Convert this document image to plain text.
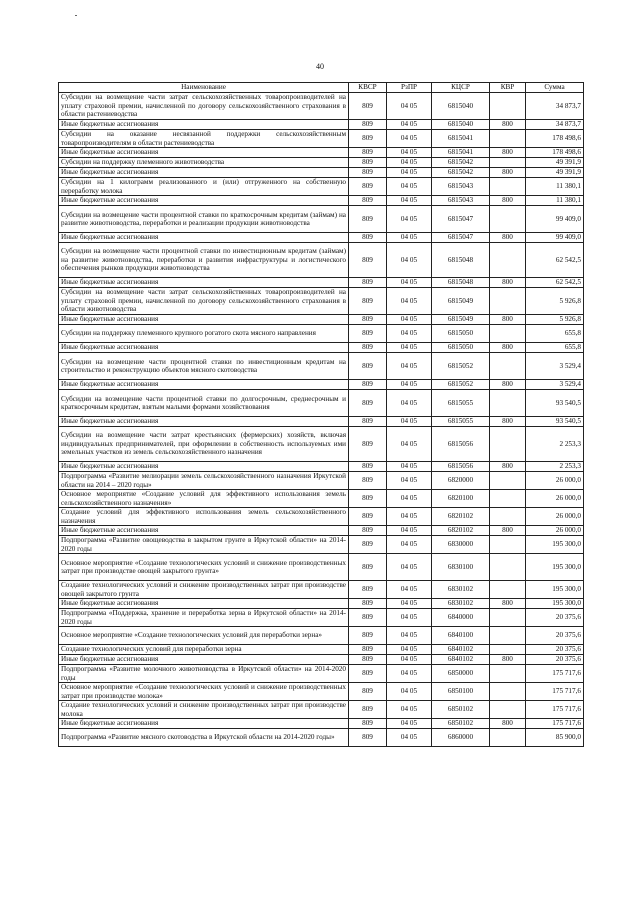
40
Наименование	КВСР	РзПР	КЦСР	КВР	Сумма
Субсидии на возмещение части затрат сельскохозяйственных товаропроизводителей на уплату страховой премии, начисленной по договору сельскохозяйственного страхования в области растениеводства	809	04 05	6815040		34 873,7
Иные бюджетные ассигнования	809	04 05	6815040	800	34 873,7
Субсидии на оказание несвязанной поддержки сельскохозяйственным товаропроизводителям в области растениеводства	809	04 05	6815041		178 498,6
Иные бюджетные ассигнования	809	04 05	6815041	800	178 498,6
Субсидии на поддержку племенного животноводства	809	04 05	6815042		49 391,9
Иные бюджетные ассигнования	809	04 05	6815042	800	49 391,9
Субсидии на 1 килограмм реализованного и (или) отгруженного на собственную переработку молока	809	04 05	6815043		11 380,1
Иные бюджетные ассигнования	809	04 05	6815043	800	11 380,1
Субсидии на возмещение части процентной ставки по краткосрочным кредитам (займам) на развитие животноводства, переработки и реализации продукции животноводства	809	04 05	6815047		99 409,0
Иные бюджетные ассигнования	809	04 05	6815047	800	99 409,0
Субсидии на возмещение части процентной ставки по инвестиционным кредитам (займам) на развитие животноводства, переработки и развития инфраструктуры и логистического обеспечения рынков продукции животноводства	809	04 05	6815048		62 542,5
Иные бюджетные ассигнования	809	04 05	6815048	800	62 542,5
Субсидии на возмещение части затрат сельскохозяйственных товаропроизводителей на уплату страховой премии, начисленной по договору сельскохозяйственного страхования в области животноводства	809	04 05	6815049		5 926,8
Иные бюджетные ассигнования	809	04 05	6815049	800	5 926,8
Субсидии на поддержку племенного крупного рогатого скота мясного направления	809	04 05	6815050		655,8
Иные бюджетные ассигнования	809	04 05	6815050	800	655,8
Субсидии на возмещение части процентной ставки по инвестиционным кредитам на строительство и реконструкцию объектов мясного скотоводства	809	04 05	6815052		3 529,4
Иные бюджетные ассигнования	809	04 05	6815052	800	3 529,4
Субсидии на возмещение части процентной ставки по долгосрочным, среднесрочным и краткосрочным кредитам, взятым малыми формами хозяйствования	809	04 05	6815055		93 540,5
Иные бюджетные ассигнования	809	04 05	6815055	800	93 540,5
Субсидии на возмещение части затрат крестьянских (фермерских) хозяйств, включая индивидуальных предпринимателей, при оформлении в собственность используемых ими земельных участков из земель сельскохозяйственного назначения	809	04 05	6815056		2 253,3
Иные бюджетные ассигнования	809	04 05	6815056	800	2 253,3
Подпрограмма «Развитие мелиорации земель сельскохозяйственного назначения Иркутской области на 2014 – 2020 годы»	809	04 05	6820000		26 000,0
Основное мероприятие «Создание условий для эффективного использования земель сельскохозяйственного назначения»	809	04 05	6820100		26 000,0
Создание условий для эффективного использования земель сельскохозяйственного назначения	809	04 05	6820102		26 000,0
Иные бюджетные ассигнования	809	04 05	6820102	800	26 000,0
Подпрограмма «Развитие овощеводства в закрытом грунте в Иркутской области» на 2014-2020 годы	809	04 05	6830000		195 300,0
Основное мероприятие «Создание технологических условий и снижение производственных затрат при производстве овощей закрытого грунта»	809	04 05	6830100		195 300,0
Создание технологических условий и снижение производственных затрат при производстве овощей закрытого грунта	809	04 05	6830102		195 300,0
Иные бюджетные ассигнования	809	04 05	6830102	800	195 300,0
Подпрограмма «Поддержка, хранение и переработка зерна в Иркутской области» на 2014-2020 годы	809	04 05	6840000		20 375,6
Основное мероприятие «Создание технологических условий для переработки зерна»	809	04 05	6840100		20 375,6
Создание технологических условий для переработки зерна	809	04 05	6840102		20 375,6
Иные бюджетные ассигнования	809	04 05	6840102	800	20 375,6
Подпрограмма «Развитие молочного животноводства в Иркутской области» на 2014-2020 годы	809	04 05	6850000		175 717,6
Основное мероприятие «Создание технологических условий и снижение производственных затрат при производстве молока»	809	04 05	6850100		175 717,6
Создание технологических условий и снижение производственных затрат при производстве молока	809	04 05	6850102		175 717,6
Иные бюджетные ассигнования	809	04 05	6850102	800	175 717,6
Подпрограмма «Развитие мясного скотоводства в Иркутской области на 2014-2020 годы»	809	04 05	6860000		85 900,0
